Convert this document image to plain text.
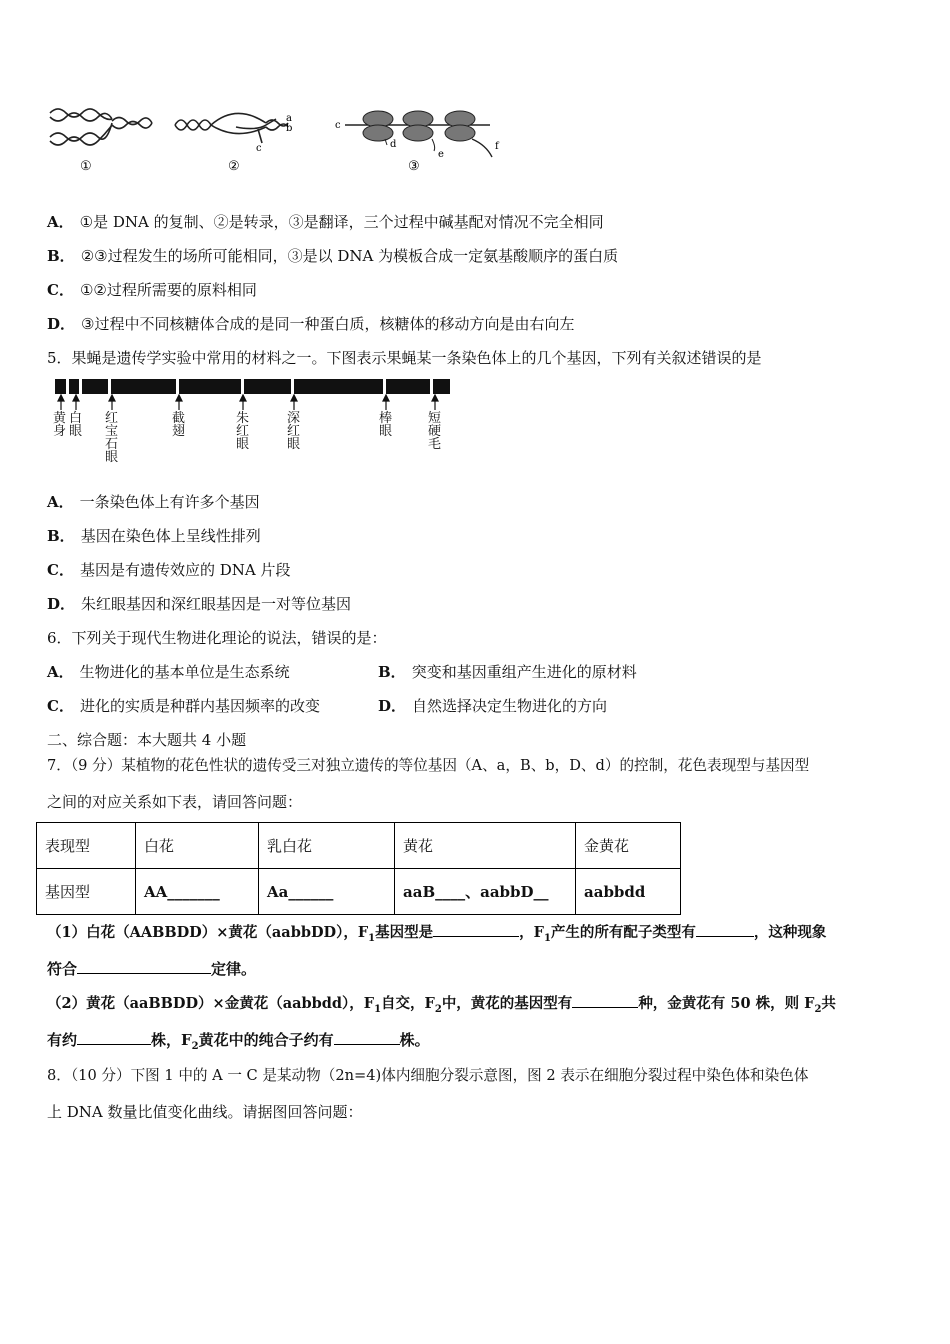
a
b
c
c
d
e
f
①	②	③
A． ①是 DNA 的复制、②是转录，③是翻译，三个过程中碱基配对情况不完全相同
B． ②③过程发生的场所可能相同，③是以 DNA 为模板合成一定氨基酸顺序的蛋白质
C． ①②过程所需要的原料相同
D． ③过程中不同核糖体合成的是同一种蛋白质，核糖体的移动方向是由右向左
5．果蝇是遗传学实验中常用的材料之一。下图表示果蝇某一条染色体上的几个基因，下列有关叙述错误的是
黄身
白眼
红宝石眼
截翅
朱红眼
深红眼
棒眼
短硬毛
A． 一条染色体上有许多个基因
B． 基因在染色体上呈线性排列
C． 基因是有遗传效应的 DNA 片段
D． 朱红眼基因和深红眼基因是一对等位基因
6．下列关于现代生物进化理论的说法，错误的是：
A． 生物进化的基本单位是生态系统	B． 突变和基因重组产生进化的原材料
C． 进化的实质是种群内基因频率的改变	D． 自然选择决定生物进化的方向
二、综合题：本大题共 4 小题
7．（9 分）某植物的花色性状的遗传受三对独立遗传的等位基因（A、a，B、b，D、d）的控制，花色表现型与基因型
之间的对应关系如下表，请回答问题：
表现型	白花	乳白花	黄花	金黄花
基因型	AA_______	Aa______	aaB____、aabbD__	aabbdd
（1）白花（AABBDD）×黄花（aabbDD），$F_1$基因型是	，$F_1$产生的所有配子类型有	，这种现象
符合	定律。
（2）黄花（aaBBDD）×金黄花（aabbdd），$F_1$自交，$F_2$中，黄花的基因型有	种，金黄花有 50 株，则 $F_2$共
有约	株，$F_2$黄花中的纯合子约有	株。
8．（10 分）下图 1 中的 A 一 C 是某动物（2n=4)体内细胞分裂示意图，图 2 表示在细胞分裂过程中染色体和染色体
上 DNA 数量比值变化曲线。请据图回答问题：
